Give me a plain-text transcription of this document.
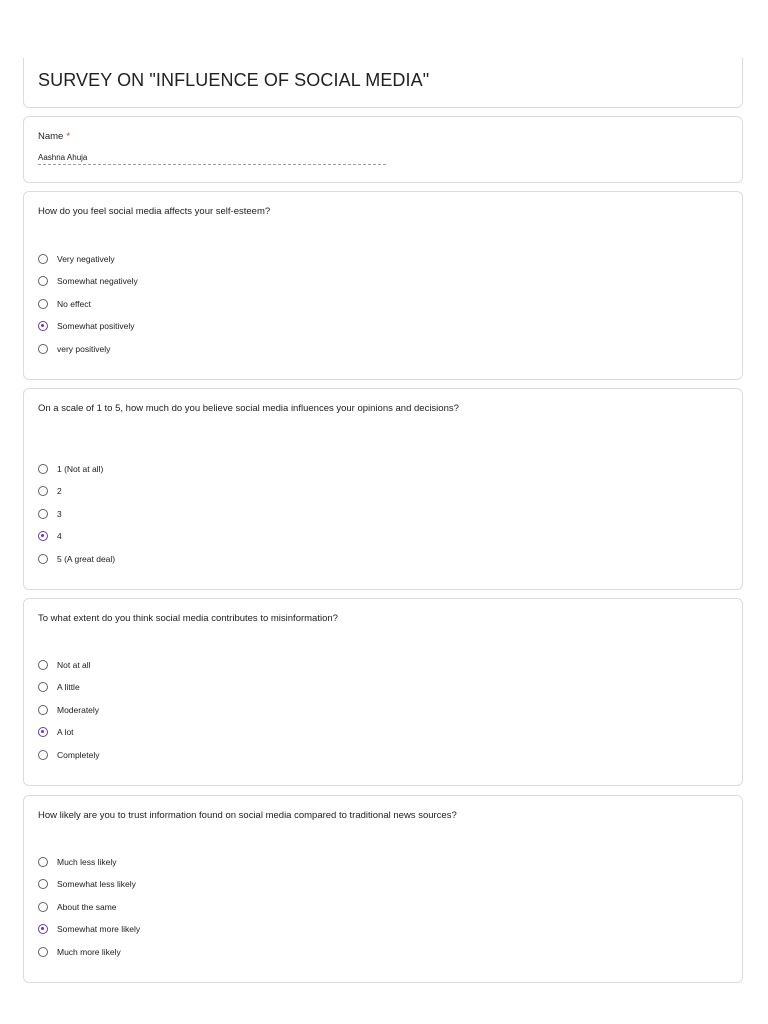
SURVEY ON "INFLUENCE OF SOCIAL MEDIA"
Name *
Aashna Ahuja
How do you feel social media affects your self-esteem?
Very negatively
Somewhat negatively
No effect
Somewhat positively
very positively
On a scale of 1 to 5, how much do you believe social media influences your opinions and decisions?
1 (Not at all)
2
3
4
5 (A great deal)
To what extent do you think social media contributes to misinformation?
Not at all
A little
Moderately
A lot
Completely
How likely are you to trust information found on social media compared to traditional news sources?
Much less likely
Somewhat less likely
About the same
Somewhat more likely
Much more likely
